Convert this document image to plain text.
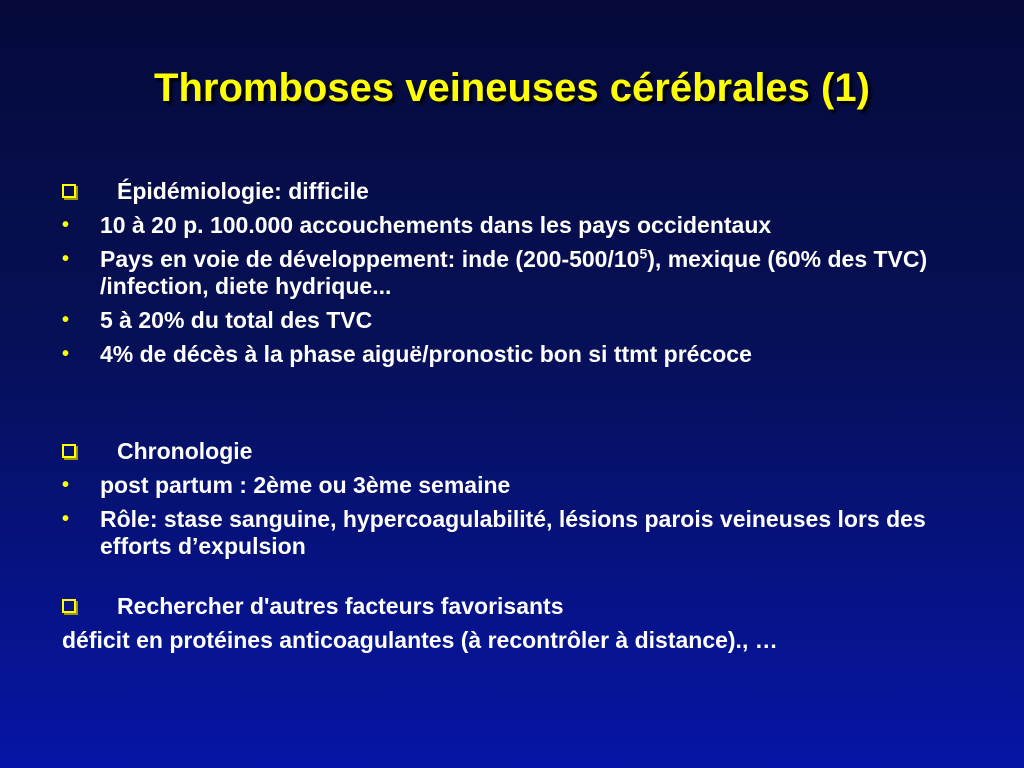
Thromboses veineuses cérébrales (1)

Épidémiologie: difficile

• 10 à 20 p. 100.000 accouchements dans les pays occidentaux

• Pays en voie de développement: inde $(200-500/10^5)$, mexique (60% des TVC) /infection, diete hydrique...

• 5 à 20% du total des TVC

• 4% de décès à la phase aiguë/pronostic bon si ttmt précoce

Chronologie

• post partum : 2ème ou 3ème semaine

• Rôle: stase sanguine, hypercoagulabilité, lésions parois veineuses lors des efforts d’expulsion

Rechercher d'autres facteurs favorisants

déficit en protéines anticoagulantes (à recontrôler à distance)., …
